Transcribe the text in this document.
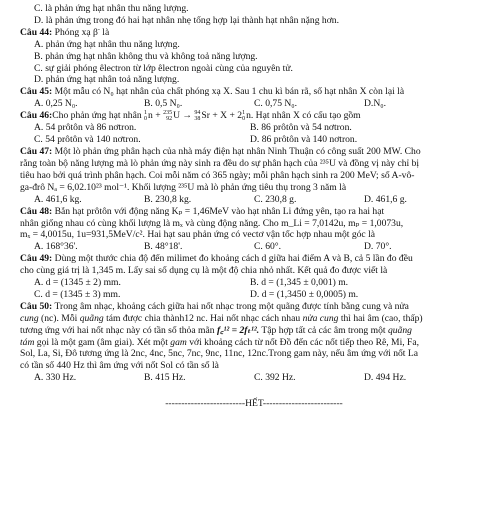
C. là phản ứng hạt nhân thu năng lượng.
D. là phản ứng trong đó hai hạt nhân nhẹ tổng hợp lại thành hạt nhân nặng hơn.
Câu 44: Phóng xạ β- là
A. phản ứng hạt nhân thu năng lượng.
B. phản ứng hạt nhân không thu và không toả năng lượng.
C. sự giải phóng êlectron từ lớp êlectron ngoài cùng của nguyên tử.
D. phản ứng hạt nhân toả năng lượng.
Câu 45: Một mẫu có N₀ hạt nhân của chất phóng xạ X. Sau 1 chu kì bán rã, số hạt nhân X còn lại là
A. 0,25 N₀.	B. 0,5 N₀.	C. 0,75 N₀.	D.N₀.
Câu 46:Cho phản ứng hạt nhân 1
0 n + 235
92 U → 94
38 Sr + X + 2 1
0 n. Hạt nhân X có cấu tạo gồm
A. 54 prôtôn và 86 nơtron.	B. 86 prôtôn và 54 nơtron.
C. 54 prôtôn và 140 nơtron.	D. 86 prôtôn và 140 nơtron.
Câu 47: Một lò phản ứng phân hạch của nhà máy điện hạt nhân Ninh Thuận có công suất 200 MW. Cho
rằng toàn bộ năng lượng mà lò phản ứng này sinh ra đều do sự phân hạch của ²³⁵U và đồng vị này chỉ bị
tiêu hao bởi quá trình phân hạch. Coi mỗi năm có 365 ngày; mỗi phân hạch sinh ra 200 MeV; số A-vô-
ga-đrô Nₐ = 6,02.10²³ mol⁻¹. Khối lượng ²³⁵U mà lò phản ứng tiêu thụ trong 3 năm là
A. 461,6 kg.	B. 230,8 kg.	C. 230,8 g.	D. 461,6 g.
Câu 48: Bắn hạt prôtôn với động năng Kₚ = 1,46MeV vào hạt nhân Li đứng yên, tạo ra hai hạt
nhân giống nhau có cùng khối lượng là mₓ và cùng động năng. Cho m_Li = 7,0142u, mₚ = 1,0073u,
mₓ = 4,0015u, 1u=931,5MeV/c². Hai hạt sau phản ứng có vectơ vận tốc hợp nhau một góc là
A. 168°36'.	B. 48°18'.	C. 60°.	D. 70°.
Câu 49: Dùng một thước chia độ đến milimet đo khoảng cách d giữa hai điểm A và B, cả 5 lần đo đều
cho cùng giá trị là 1,345 m. Lấy sai số dụng cụ là một độ chia nhỏ nhất. Kết quả đo được viết là
A. d = (1345 ± 2) mm.	B. d = (1,345 ± 0,001) m.
C. d = (1345 ± 3) mm.	D. d = (1,3450 ± 0,0005) m.
Câu 50: Trong âm nhạc, khoảng cách giữa hai nốt nhạc trong một quãng được tính bằng cung và nửa
cung (nc). Mỗi quãng tám được chia thành12 nc. Hai nốt nhạc cách nhau nửa cung thì hai âm (cao, thấp)
tương ứng với hai nốt nhạc này có tần số thỏa mãn f꜀¹² = 2fₜ¹². Tập hợp tất cả các âm trong một quãng
tám gọi là một gam (âm giai). Xét một gam với khoảng cách từ nốt Đồ đến các nốt tiếp theo Rê, Mi, Fa,
Sol, La, Si, Đô tương ứng là 2nc, 4nc, 5nc, 7nc, 9nc, 11nc, 12nc.Trong gam này, nếu âm ứng với nốt La
có tần số 440 Hz thì âm ứng với nốt Sol có tần số là
A. 330 Hz.	B. 415 Hz.	C. 392 Hz.	D. 494 Hz.
-------------------------HẾT-------------------------
